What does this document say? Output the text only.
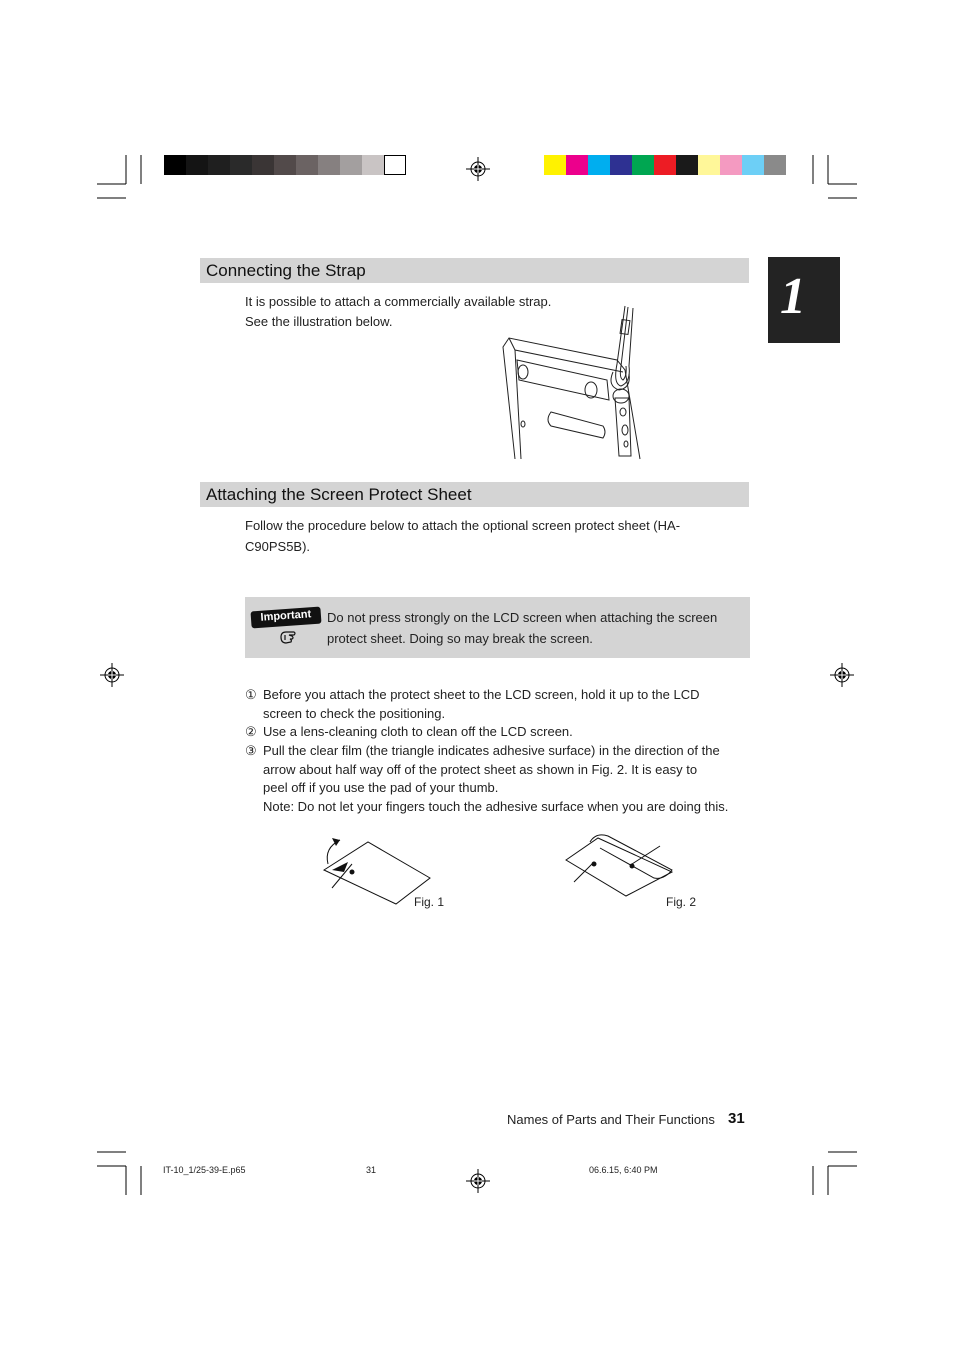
1
Connecting the Strap
It is possible to attach a commercially available strap.
See the illustration below.
Attaching the Screen Protect Sheet
Follow the procedure below to attach the optional screen protect sheet (HA-
C90PS5B).
Important	Do not press strongly on the LCD screen when attaching the screen
protect sheet. Doing so may break the screen.
① Before you attach the protect sheet to the LCD screen, hold it up to the LCD
screen to check the positioning.
② Use a lens-cleaning cloth to clean off the LCD screen.
③ Pull the clear film (the triangle indicates adhesive surface) in the direction of the
arrow about half way off of the protect sheet as shown in Fig. 2. It is easy to
peel off if you use the pad of your thumb.
Note: Do not let your fingers touch the adhesive surface when you are doing this.
Fig. 1	Fig. 2
Names of Parts and Their Functions 31
IT-10_1/25-39-E.p65	31	06.6.15, 6:40 PM
